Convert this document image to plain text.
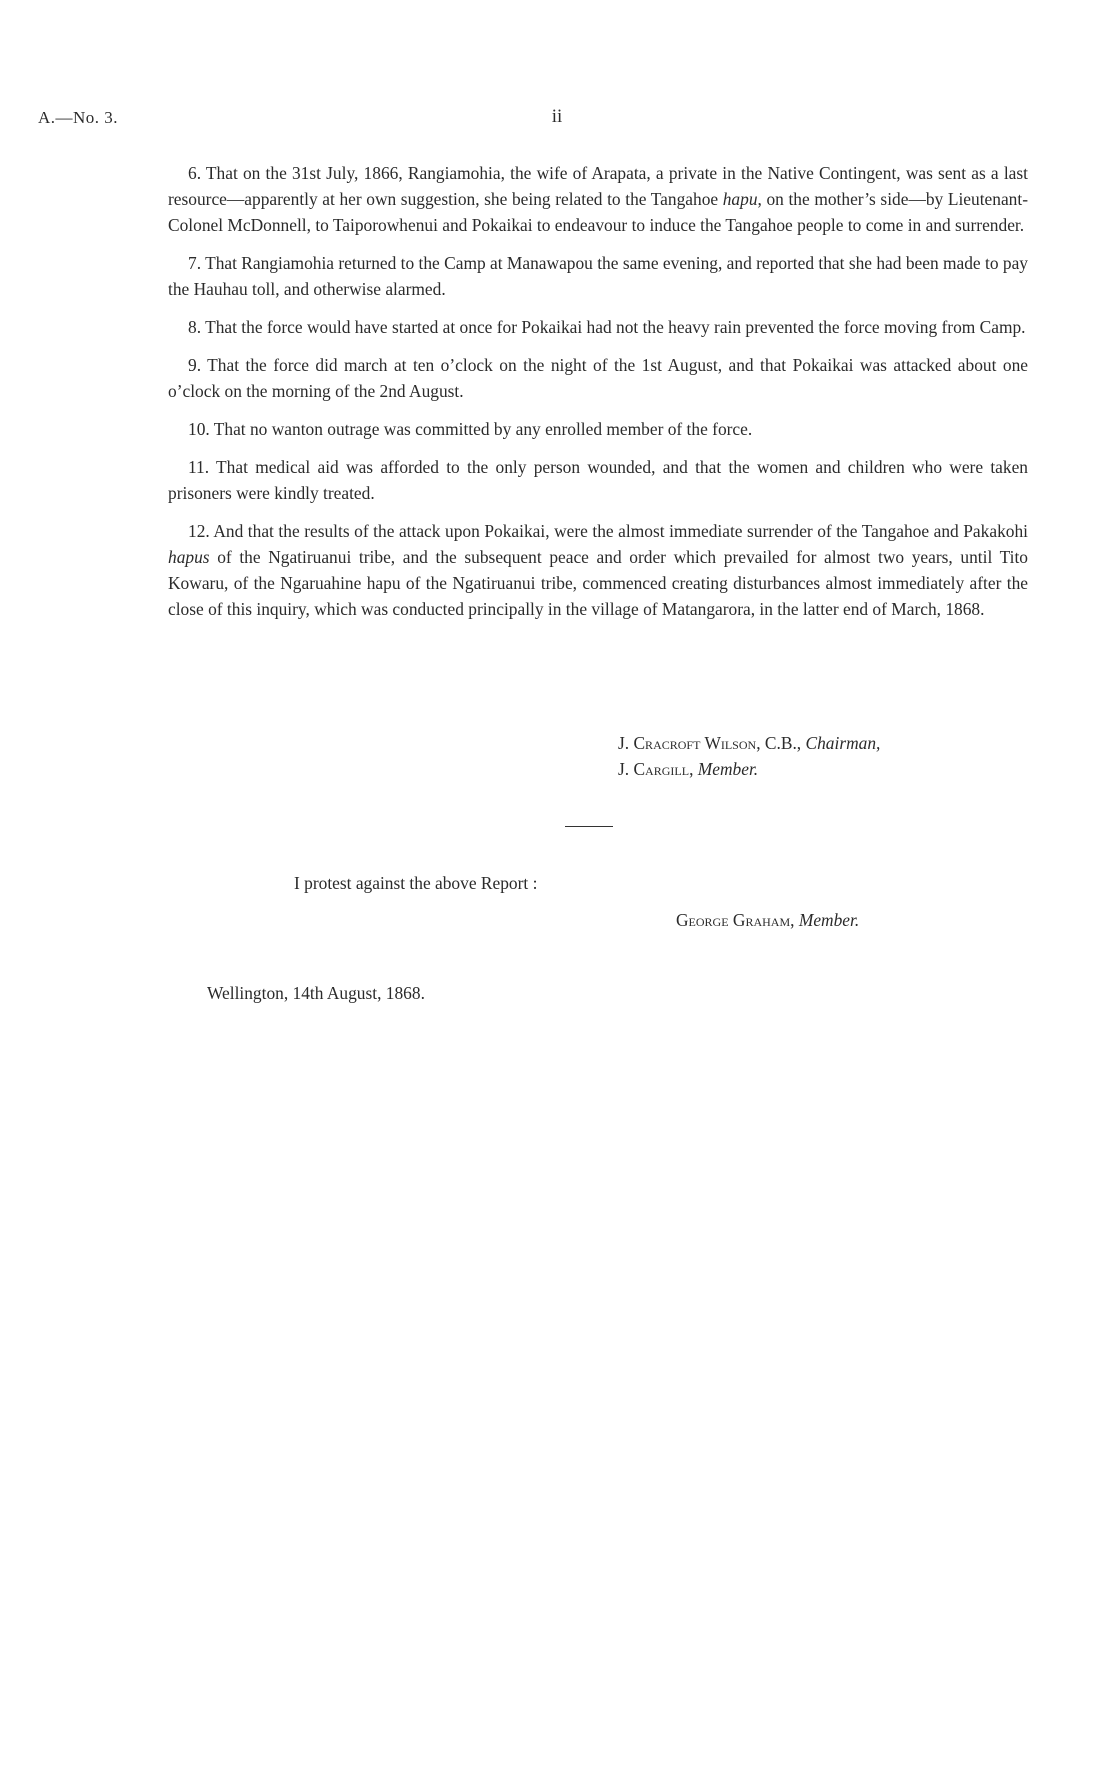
A.—No. 3.	ii

6. That on the 31st July, 1866, Rangiamohia, the wife of Arapata, a private in the Native Contingent, was sent as a last resource—apparently at her own suggestion, she being related to the Tangahoe hapu, on the mother’s side—by Lieutenant-Colonel McDonnell, to Taiporowhenui and Pokaikai to endeavour to induce the Tangahoe people to come in and surrender.

7. That Rangiamohia returned to the Camp at Manawapou the same evening, and reported that she had been made to pay the Hauhau toll, and otherwise alarmed.

8. That the force would have started at once for Pokaikai had not the heavy rain prevented the force moving from Camp.

9. That the force did march at ten o’clock on the night of the 1st August, and that Pokaikai was attacked about one o’clock on the morning of the 2nd August.

10. That no wanton outrage was committed by any enrolled member of the force.

11. That medical aid was afforded to the only person wounded, and that the women and children who were taken prisoners were kindly treated.

12. And that the results of the attack upon Pokaikai, were the almost immediate surrender of the Tangahoe and Pakakohi hapus of the Ngatiruanui tribe, and the subsequent peace and order which prevailed for almost two years, until Tito Kowaru, of the Ngaruahine hapu of the Ngatiruanui tribe, commenced creating disturbances almost immediately after the close of this inquiry, which was conducted principally in the village of Matangarora, in the latter end of March, 1868.

J. Cracroft Wilson, C.B., Chairman,
J. Cargill, Member.
I protest against the above Report :
George Graham, Member.
Wellington, 14th August, 1868.
